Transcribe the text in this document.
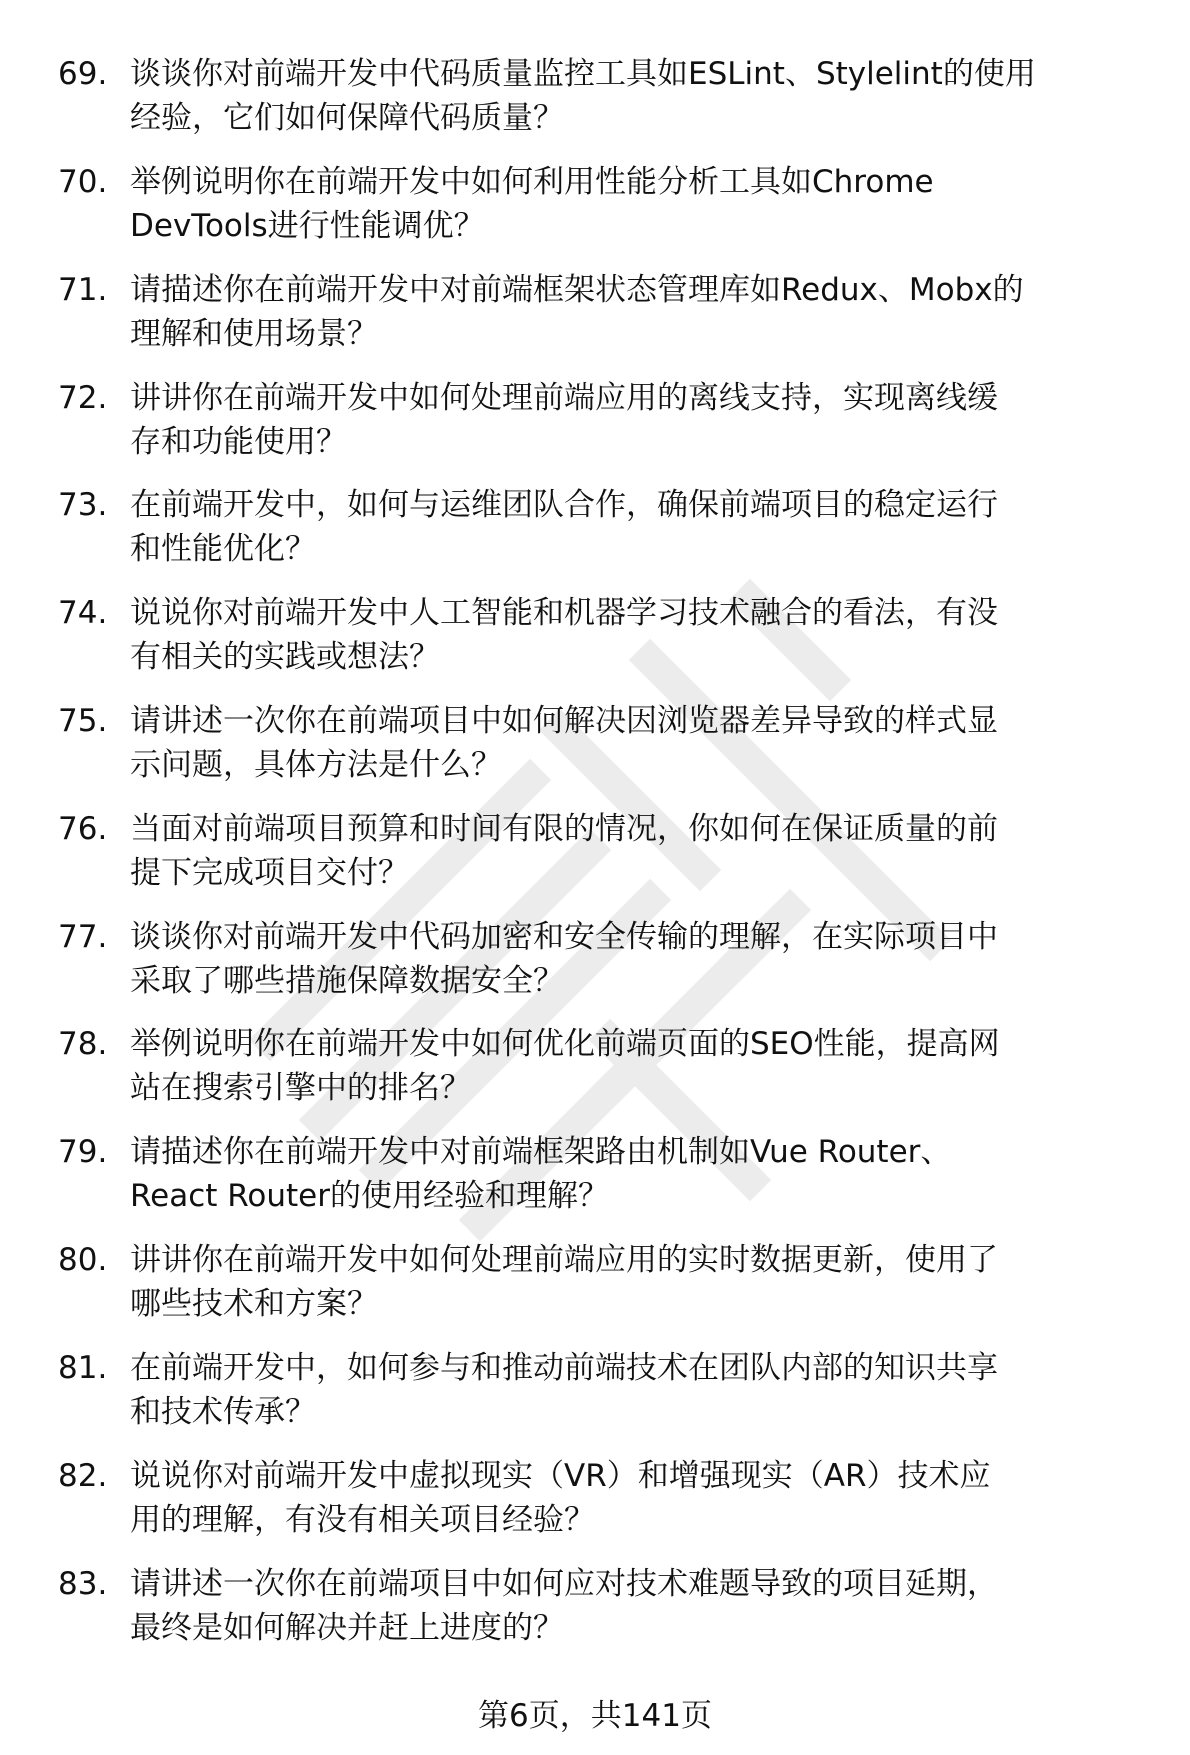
69. 谈谈你对前端开发中代码质量监控工具如ESLint、Stylelint的使用
经验，它们如何保障代码质量？
70. 举例说明你在前端开发中如何利用性能分析工具如Chrome
DevTools进行性能调优？
71. 请描述你在前端开发中对前端框架状态管理库如Redux、Mobx的
理解和使用场景？
72. 讲讲你在前端开发中如何处理前端应用的离线支持，实现离线缓
存和功能使用？
73. 在前端开发中，如何与运维团队合作，确保前端项目的稳定运行
和性能优化？
74. 说说你对前端开发中人工智能和机器学习技术融合的看法，有没
有相关的实践或想法？
75. 请讲述一次你在前端项目中如何解决因浏览器差异导致的样式显
示问题，具体方法是什么？
76. 当面对前端项目预算和时间有限的情况，你如何在保证质量的前
提下完成项目交付？
77. 谈谈你对前端开发中代码加密和安全传输的理解，在实际项目中
采取了哪些措施保障数据安全？
78. 举例说明你在前端开发中如何优化前端页面的SEO性能，提高网
站在搜索引擎中的排名？
79. 请描述你在前端开发中对前端框架路由机制如Vue Router、
React Router的使用经验和理解？
80. 讲讲你在前端开发中如何处理前端应用的实时数据更新，使用了
哪些技术和方案？
81. 在前端开发中，如何参与和推动前端技术在团队内部的知识共享
和技术传承？
82. 说说你对前端开发中虚拟现实（VR）和增强现实（AR）技术应
用的理解，有没有相关项目经验？
83. 请讲述一次你在前端项目中如何应对技术难题导致的项目延期，
最终是如何解决并赶上进度的？
第6页，共141页
